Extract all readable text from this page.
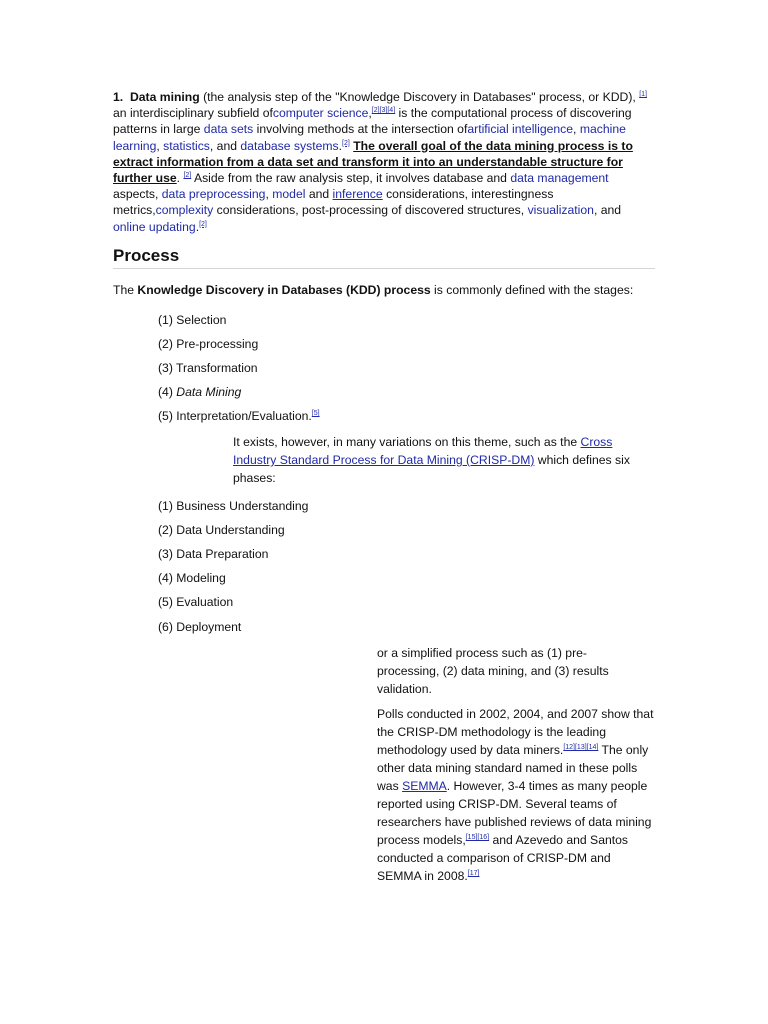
1. Data mining (the analysis step of the "Knowledge Discovery in Databases" process, or KDD), [1] an interdisciplinary subfield ofcomputer science,[2][3][4] is the computational process of discovering patterns in large data sets involving methods at the intersection ofartificial intelligence, machine learning, statistics, and database systems.[2] The overall goal of the data mining process is to extract information from a data set and transform it into an understandable structure for further use. [2] Aside from the raw analysis step, it involves database and data management aspects, data preprocessing, model and inference considerations, interestingness metrics,complexity considerations, post-processing of discovered structures, visualization, and online updating.[2]
Process
The Knowledge Discovery in Databases (KDD) process is commonly defined with the stages:
(1) Selection
(2) Pre-processing
(3) Transformation
(4) Data Mining
(5) Interpretation/Evaluation.[5]
It exists, however, in many variations on this theme, such as the Cross Industry Standard Process for Data Mining (CRISP-DM) which defines six phases:
(1) Business Understanding
(2) Data Understanding
(3) Data Preparation
(4) Modeling
(5) Evaluation
(6) Deployment
or a simplified process such as (1) pre-processing, (2) data mining, and (3) results validation.
Polls conducted in 2002, 2004, and 2007 show that the CRISP-DM methodology is the leading methodology used by data miners.[12][13][14] The only other data mining standard named in these polls was SEMMA. However, 3-4 times as many people reported using CRISP-DM. Several teams of researchers have published reviews of data mining process models,[15][16] and Azevedo and Santos conducted a comparison of CRISP-DM and SEMMA in 2008.[17]
